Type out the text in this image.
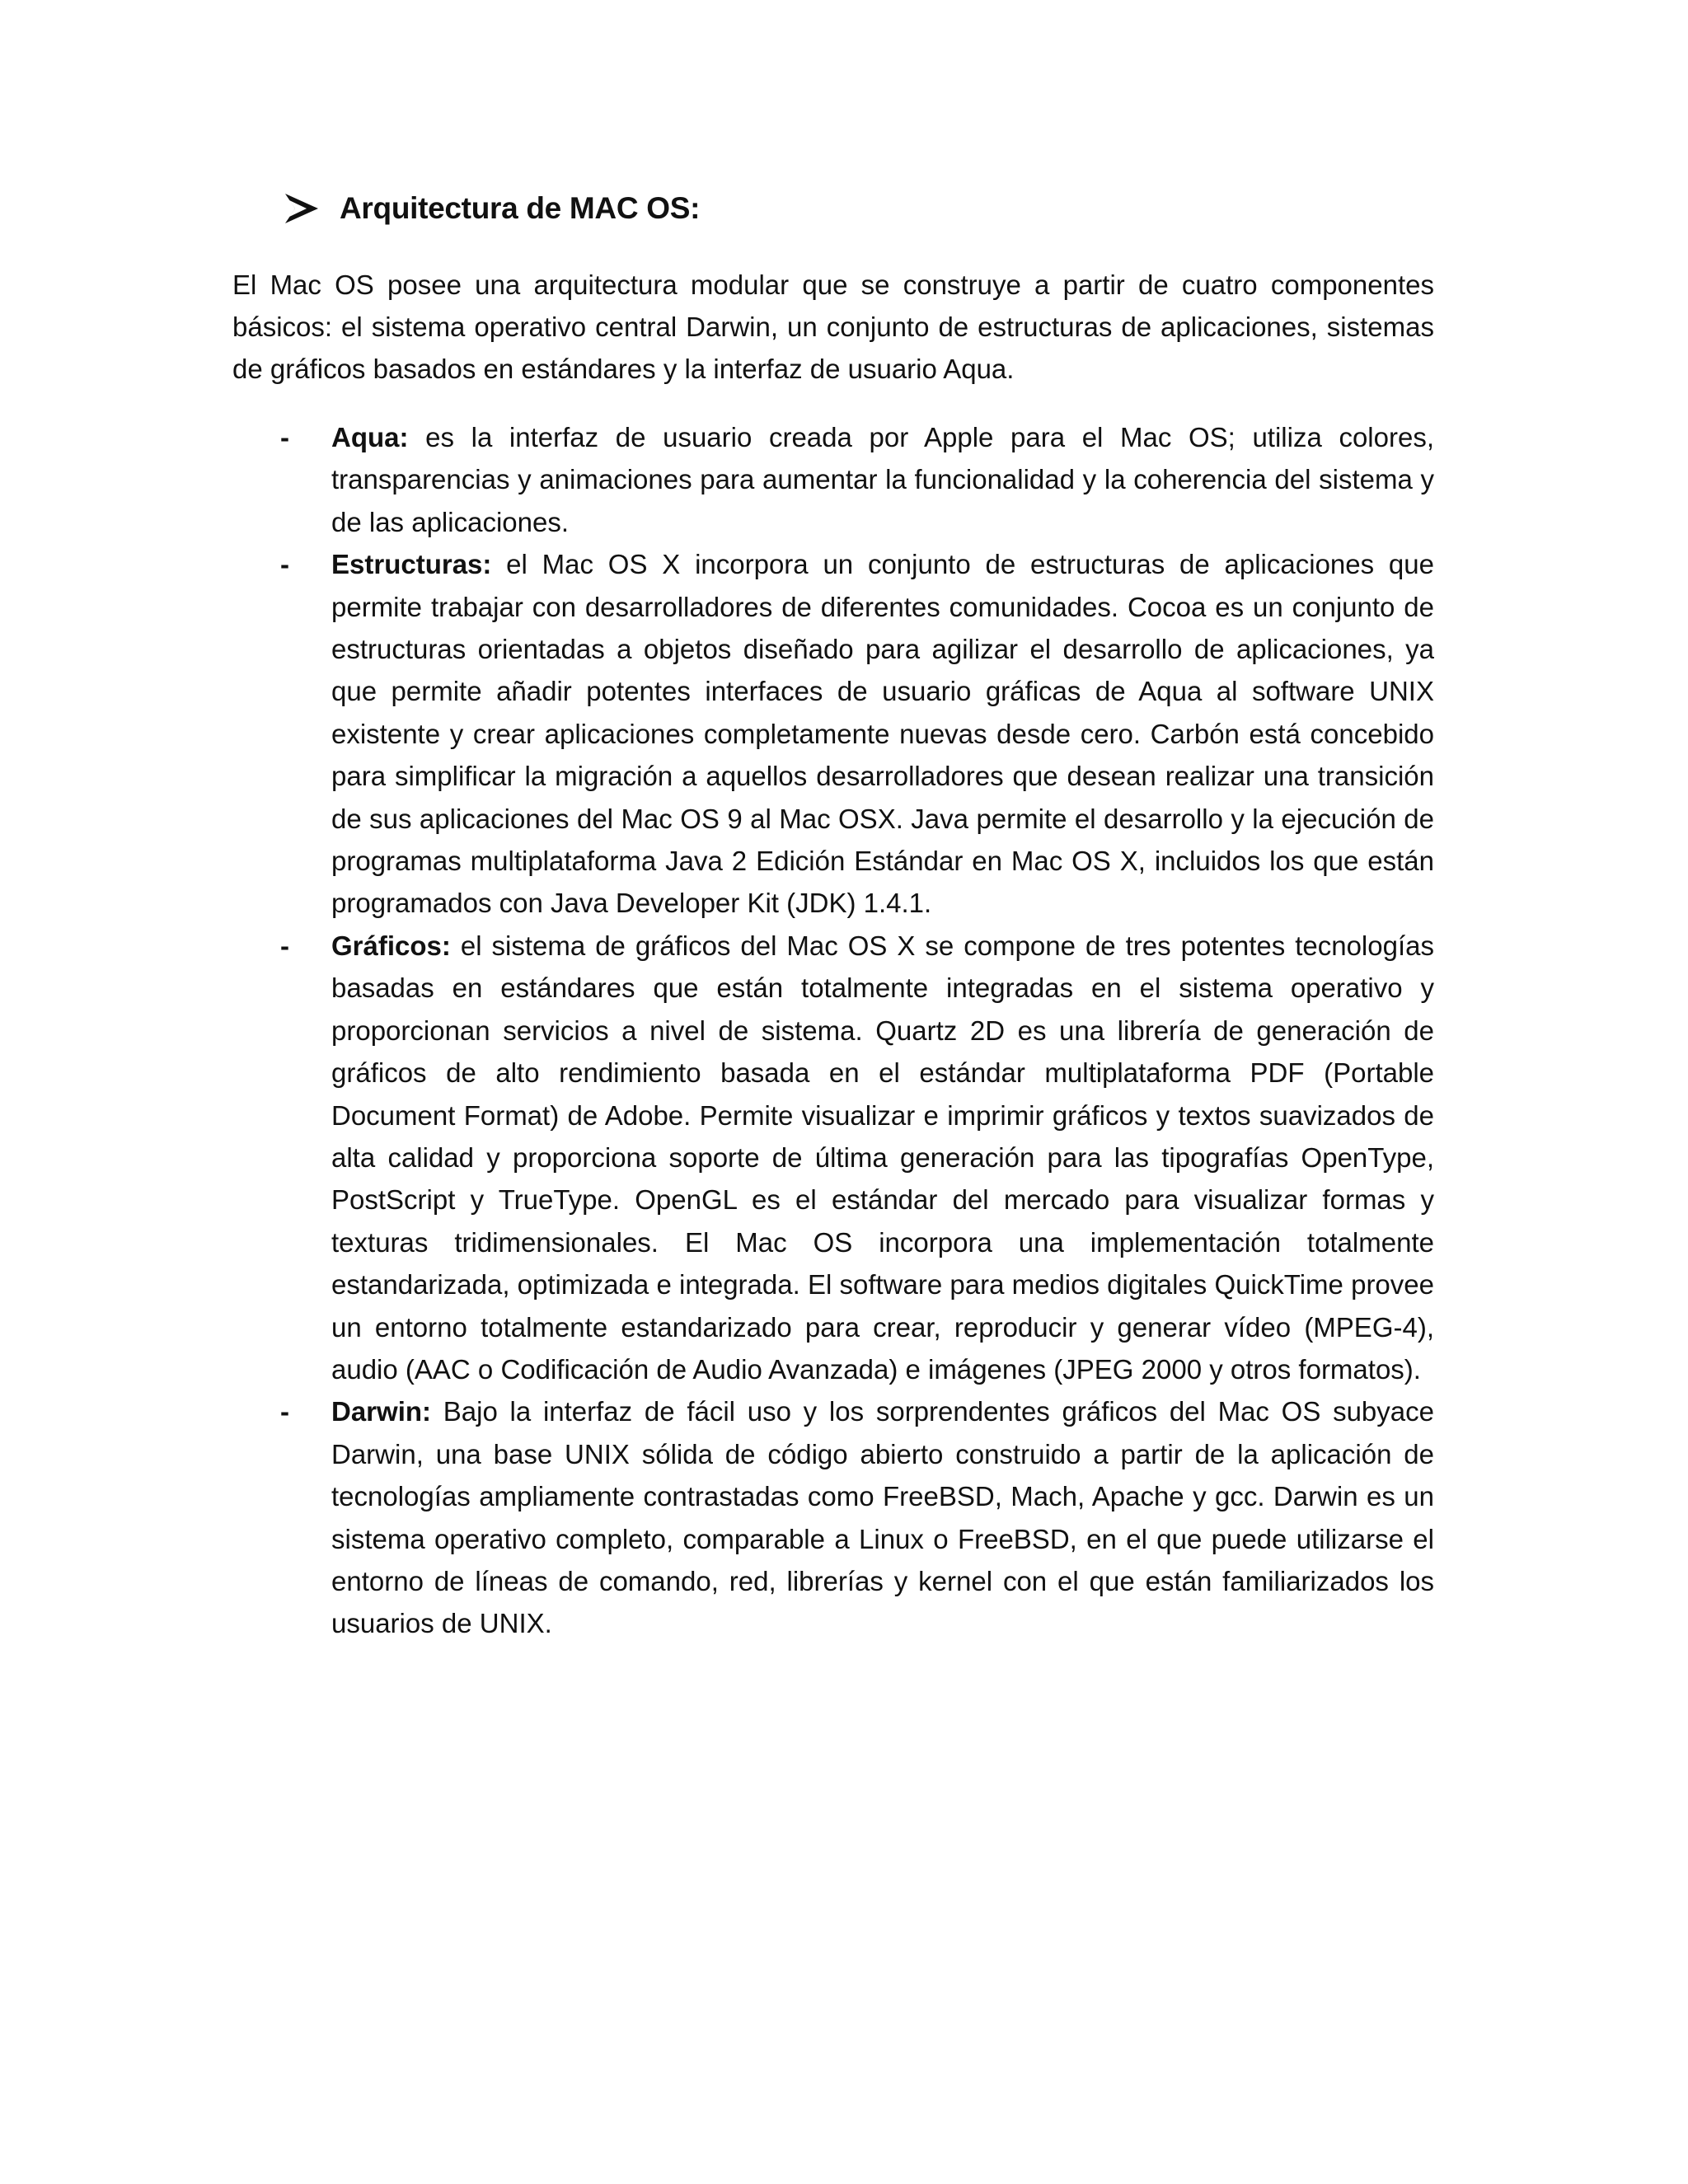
Arquitectura de MAC OS:

El Mac OS posee una arquitectura modular que se construye a partir de cuatro componentes básicos: el sistema operativo central Darwin, un conjunto de estructuras de aplicaciones, sistemas de gráficos basados en estándares y la interfaz de usuario Aqua.

- Aqua: es la interfaz de usuario creada por Apple para el Mac OS; utiliza colores, transparencias y animaciones para aumentar la funcionalidad y la coherencia del sistema y de las aplicaciones.
- Estructuras: el Mac OS X incorpora un conjunto de estructuras de aplicaciones que permite trabajar con desarrolladores de diferentes comunidades. Cocoa es un conjunto de estructuras orientadas a objetos diseñado para agilizar el desarrollo de aplicaciones, ya que permite añadir potentes interfaces de usuario gráficas de Aqua al software UNIX existente y crear aplicaciones completamente nuevas desde cero. Carbón está concebido para simplificar la migración a aquellos desarrolladores que desean realizar una transición de sus aplicaciones del Mac OS 9 al Mac OSX. Java permite el desarrollo y la ejecución de programas multiplataforma Java 2 Edición Estándar en Mac OS X, incluidos los que están programados con Java Developer Kit (JDK) 1.4.1.
- Gráficos: el sistema de gráficos del Mac OS X se compone de tres potentes tecnologías basadas en estándares que están totalmente integradas en el sistema operativo y proporcionan servicios a nivel de sistema. Quartz 2D es una librería de generación de gráficos de alto rendimiento basada en el estándar multiplataforma PDF (Portable Document Format) de Adobe. Permite visualizar e imprimir gráficos y textos suavizados de alta calidad y proporciona soporte de última generación para las tipografías OpenType, PostScript y TrueType. OpenGL es el estándar del mercado para visualizar formas y texturas tridimensionales. El Mac OS incorpora una implementación totalmente estandarizada, optimizada e integrada. El software para medios digitales QuickTime provee un entorno totalmente estandarizado para crear, reproducir y generar vídeo (MPEG-4), audio (AAC o Codificación de Audio Avanzada) e imágenes (JPEG 2000 y otros formatos).
- Darwin: Bajo la interfaz de fácil uso y los sorprendentes gráficos del Mac OS subyace Darwin, una base UNIX sólida de código abierto construido a partir de la aplicación de tecnologías ampliamente contrastadas como FreeBSD, Mach, Apache y gcc. Darwin es un sistema operativo completo, comparable a Linux o FreeBSD, en el que puede utilizarse el entorno de líneas de comando, red, librerías y kernel con el que están familiarizados los usuarios de UNIX.
